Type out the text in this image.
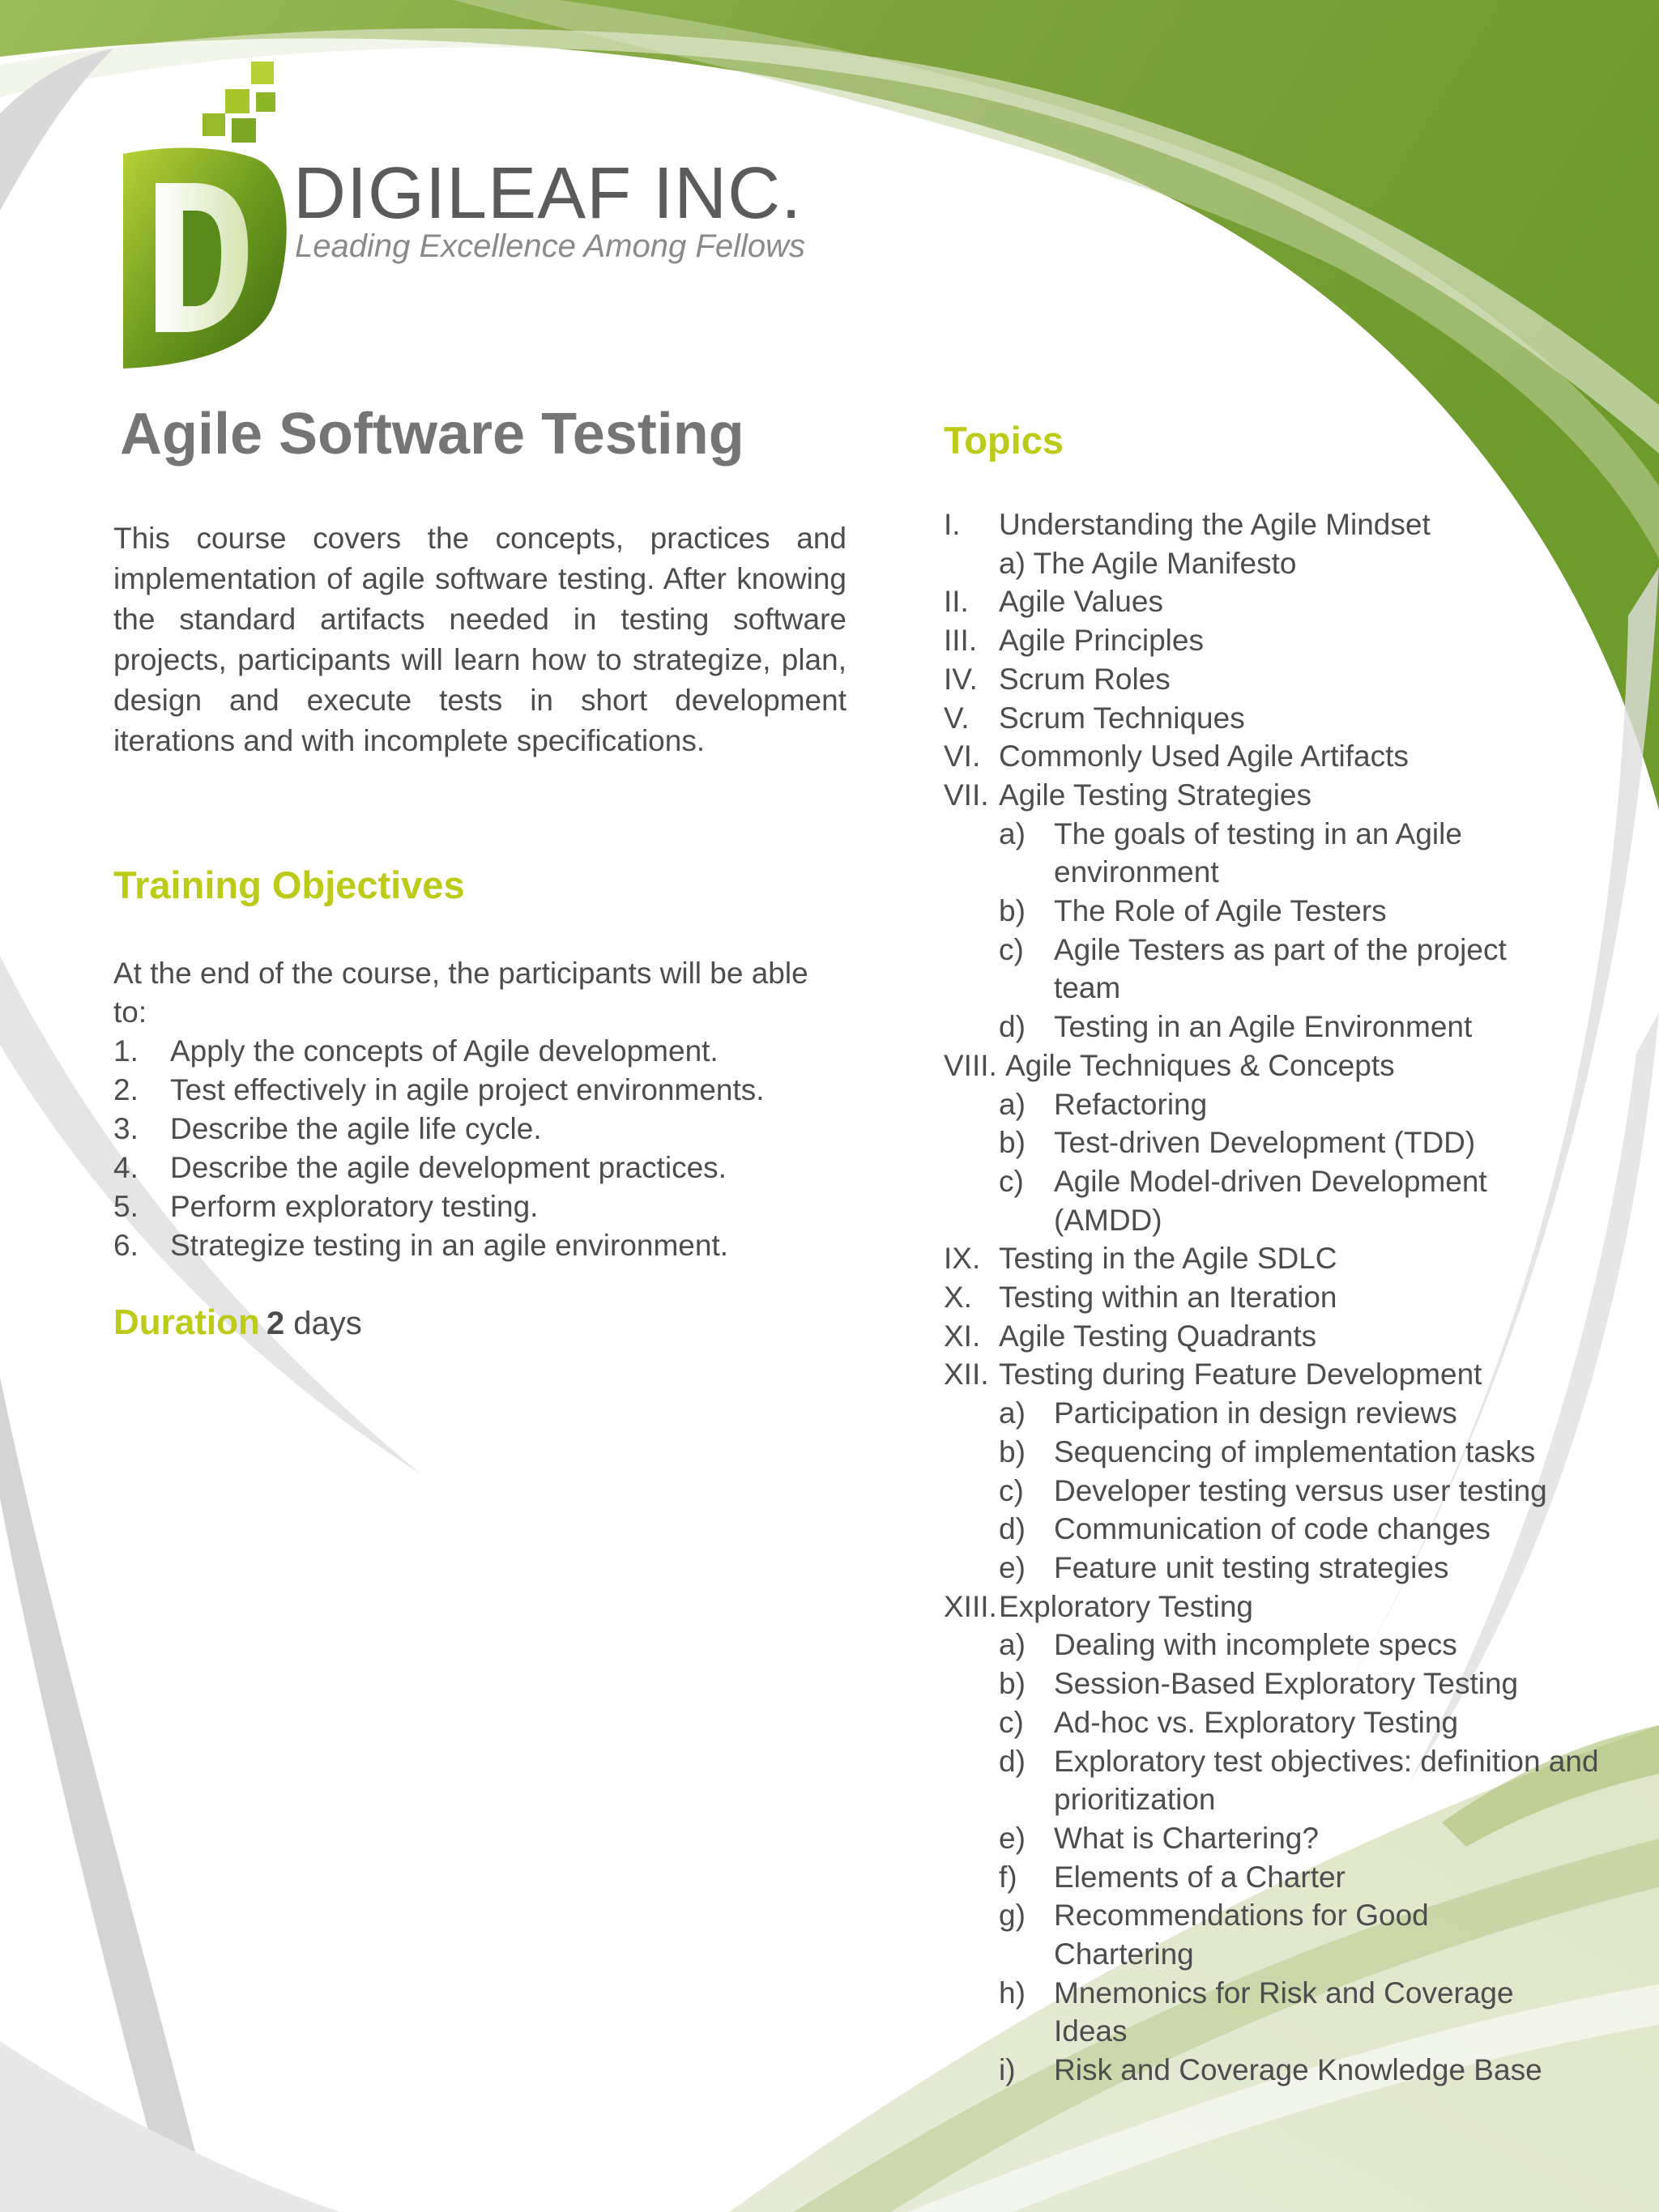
DIGILEAF INC.

Leading Excellence Among Fellows

Agile Software Testing

This course covers the concepts, practices and implementation of agile software testing. After knowing the standard artifacts needed in testing software projects, participants will learn how to strategize, plan, design and execute tests in short development iterations and with incomplete specifications.

Training Objectives

At the end of the course, the participants will be able to:

1. Apply the concepts of Agile development.
2. Test effectively in agile project environments.
3. Describe the agile life cycle.
4. Describe the agile development practices.
5. Perform exploratory testing.
6. Strategize testing in an agile environment.

Duration 2 days

Topics
I. Understanding the Agile Mindset
a) The Agile Manifesto
II. Agile Values
III. Agile Principles
IV. Scrum Roles
V. Scrum Techniques
VI. Commonly Used Agile Artifacts
VII. Agile Testing Strategies
a) The goals of testing in an Agile environment
b) The Role of Agile Testers
c) Agile Testers as part of the project team
d) Testing in an Agile Environment
VIII. Agile Techniques & Concepts
a) Refactoring
b) Test-driven Development (TDD)
c) Agile Model-driven Development (AMDD)
IX. Testing in the Agile SDLC
X. Testing within an Iteration
XI. Agile Testing Quadrants
XII. Testing during Feature Development
a) Participation in design reviews
b) Sequencing of implementation tasks
c) Developer testing versus user testing
d) Communication of code changes
e) Feature unit testing strategies
XIII. Exploratory Testing
a) Dealing with incomplete specs
b) Session-Based Exploratory Testing
c) Ad-hoc vs. Exploratory Testing
d) Exploratory test objectives: definition and prioritization
e) What is Chartering?
f) Elements of a Charter
g) Recommendations for Good Chartering
h) Mnemonics for Risk and Coverage Ideas
i) Risk and Coverage Knowledge Base
